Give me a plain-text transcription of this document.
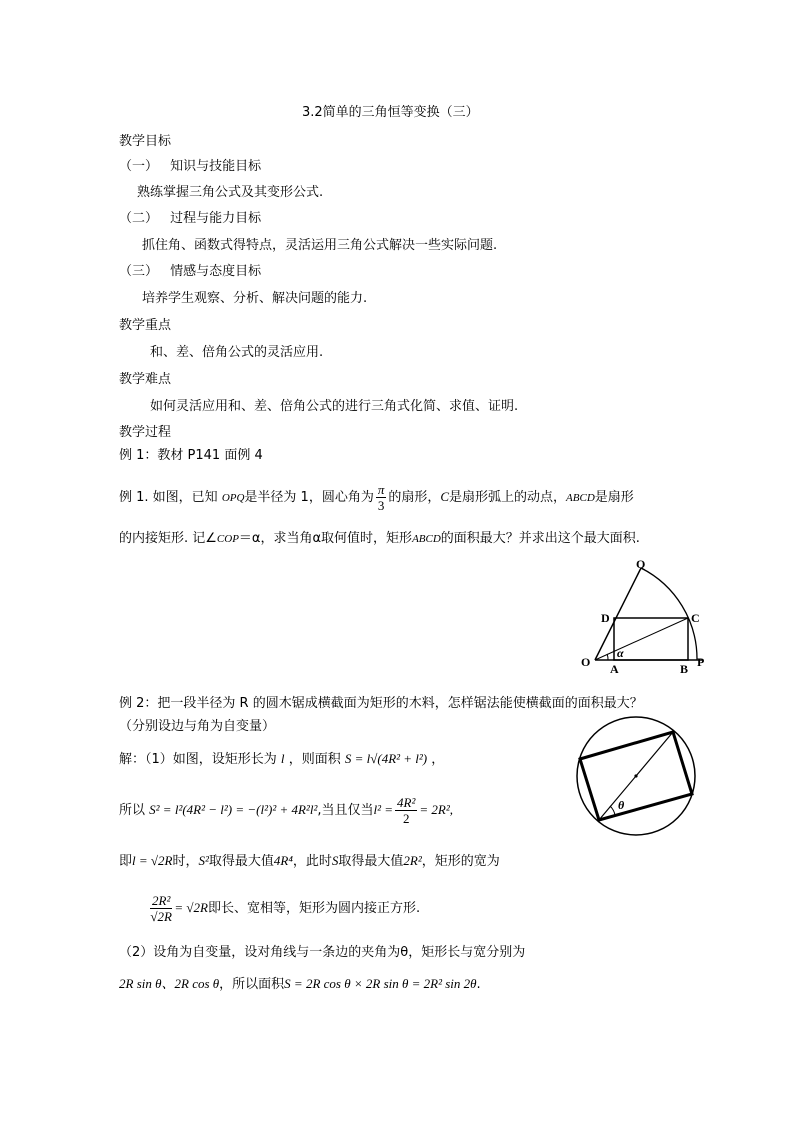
3.2简单的三角恒等变换（三）
教学目标
（一） 知识与技能目标
熟练掌握三角公式及其变形公式.
（二） 过程与能力目标
抓住角、函数式得特点，灵活运用三角公式解决一些实际问题.
（三） 情感与态度目标
培养学生观察、分析、解决问题的能力.
教学重点
和、差、倍角公式的灵活应用.
教学难点
如何灵活应用和、差、倍角公式的进行三角式化简、求值、证明.
教学过程
例 1：教材 P141 面例 4
例 1. 如图，已知 OPQ是半径为 1，圆心角为 $\frac{\pi}{3}$ 的扇形，C是扇形弧上的动点，ABCD是扇形
的内接矩形. 记∠COP＝α，求当角α取何值时，矩形ABCD的面积最大？并求出这个最大面积.
Q
D	C
O A	B P
α
例 2：把一段半径为 R 的圆木锯成横截面为矩形的木料，怎样锯法能使横截面的面积最大？
（分别设边与角为自变量）
解：（1）如图，设矩形长为 l ，则面积 S = l√(4R² + l²) ，
所以 S² = l²(4R² − l²) = −(l²)² + 4R²l²,当且仅当$l^2 = \frac{\text{4R²}}{2} = 2R^2$,
即l = √2R时，S²取得最大值4R⁴，此时S取得最大值2R²，矩形的宽为
$\frac{\text{2R²}}{√2R} = √2R$即长、宽相等，矩形为圆内接正方形.
（2）设角为自变量，设对角线与一条边的夹角为θ，矩形长与宽分别为
2R sin θ、2R cos θ，所以面积S = 2R cos θ × 2R sin θ = 2R² sin 2θ.
θ
